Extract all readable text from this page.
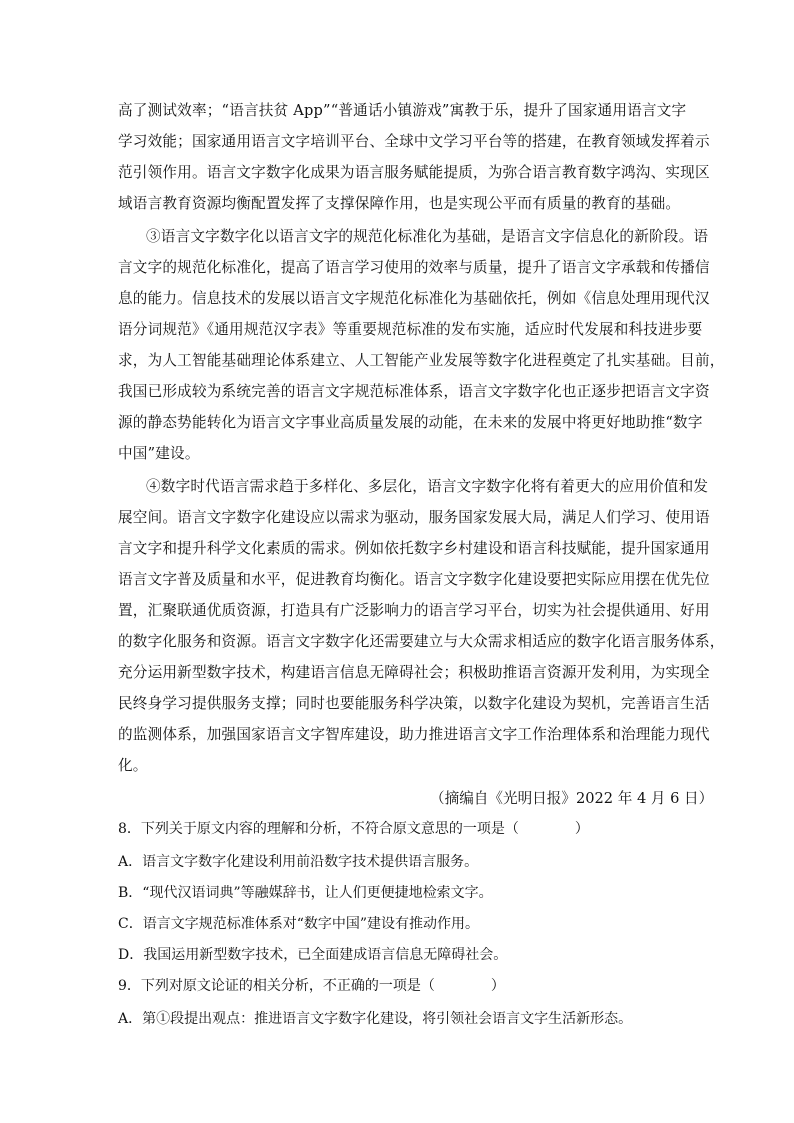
高了测试效率；“语言扶贫 App”“普通话小镇游戏”寓教于乐，提升了国家通用语言文字
学习效能；国家通用语言文字培训平台、全球中文学习平台等的搭建，在教育领域发挥着示
范引领作用。语言文字数字化成果为语言服务赋能提质，为弥合语言教育数字鸿沟、实现区
域语言教育资源均衡配置发挥了支撑保障作用，也是实现公平而有质量的教育的基础。
③语言文字数字化以语言文字的规范化标准化为基础，是语言文字信息化的新阶段。语
言文字的规范化标准化，提高了语言学习使用的效率与质量，提升了语言文字承载和传播信
息的能力。信息技术的发展以语言文字规范化标准化为基础依托，例如《信息处理用现代汉
语分词规范》《通用规范汉字表》等重要规范标准的发布实施，适应时代发展和科技进步要
求，为人工智能基础理论体系建立、人工智能产业发展等数字化进程奠定了扎实基础。目前，
我国已形成较为系统完善的语言文字规范标准体系，语言文字数字化也正逐步把语言文字资
源的静态势能转化为语言文字事业高质量发展的动能，在未来的发展中将更好地助推“数字
中国”建设。
④数字时代语言需求趋于多样化、多层化，语言文字数字化将有着更大的应用价值和发
展空间。语言文字数字化建设应以需求为驱动，服务国家发展大局，满足人们学习、使用语
言文字和提升科学文化素质的需求。例如依托数字乡村建设和语言科技赋能，提升国家通用
语言文字普及质量和水平，促进教育均衡化。语言文字数字化建设要把实际应用摆在优先位
置，汇聚联通优质资源，打造具有广泛影响力的语言学习平台，切实为社会提供通用、好用
的数字化服务和资源。语言文字数字化还需要建立与大众需求相适应的数字化语言服务体系，
充分运用新型数字技术，构建语言信息无障碍社会；积极助推语言资源开发利用，为实现全
民终身学习提供服务支撑；同时也要能服务科学决策，以数字化建设为契机，完善语言生活
的监测体系，加强国家语言文字智库建设，助力推进语言文字工作治理体系和治理能力现代
化。
（摘编自《光明日报》2022 年 4 月 6 日）
8．下列关于原文内容的理解和分析，不符合原文意思的一项是（　　　　）
A．语言文字数字化建设利用前沿数字技术提供语言服务。
B．“现代汉语词典”等融媒辞书，让人们更便捷地检索文字。
C．语言文字规范标准体系对“数字中国”建设有推动作用。
D．我国运用新型数字技术，已全面建成语言信息无障碍社会。
9．下列对原文论证的相关分析，不正确的一项是（　　　　）
A．第①段提出观点：推进语言文字数字化建设，将引领社会语言文字生活新形态。
